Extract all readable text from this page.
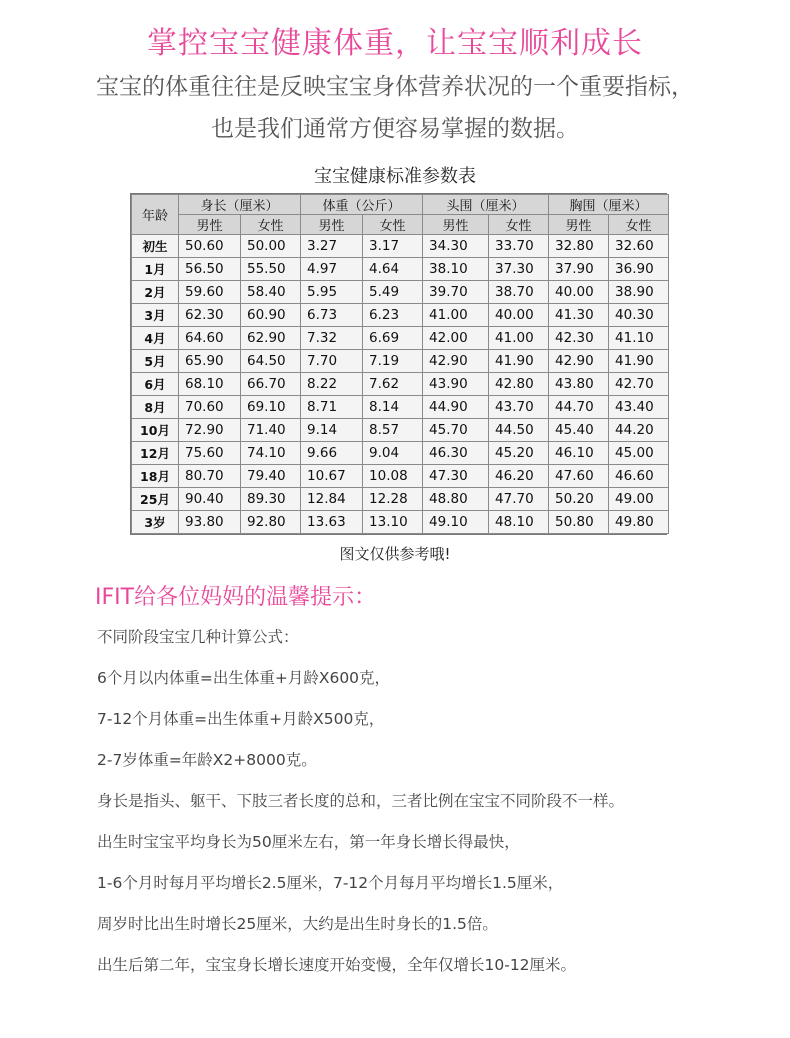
掌控宝宝健康体重，让宝宝顺利成长
宝宝的体重往往是反映宝宝身体营养状况的一个重要指标，
也是我们通常方便容易掌握的数据。
宝宝健康标准参数表
年龄	身长（厘米）		体重（公斤）		头围（厘米）		胸围（厘米）	
	男性	女性	男性	女性	男性	女性	男性	女性
初生	50.60	50.00	3.27	3.17	34.30	33.70	32.80	32.60
1月	56.50	55.50	4.97	4.64	38.10	37.30	37.90	36.90
2月	59.60	58.40	5.95	5.49	39.70	38.70	40.00	38.90
3月	62.30	60.90	6.73	6.23	41.00	40.00	41.30	40.30
4月	64.60	62.90	7.32	6.69	42.00	41.00	42.30	41.10
5月	65.90	64.50	7.70	7.19	42.90	41.90	42.90	41.90
6月	68.10	66.70	8.22	7.62	43.90	42.80	43.80	42.70
8月	70.60	69.10	8.71	8.14	44.90	43.70	44.70	43.40
10月	72.90	71.40	9.14	8.57	45.70	44.50	45.40	44.20
12月	75.60	74.10	9.66	9.04	46.30	45.20	46.10	45.00
18月	80.70	79.40	10.67	10.08	47.30	46.20	47.60	46.60
25月	90.40	89.30	12.84	12.28	48.80	47.70	50.20	49.00
3岁	93.80	92.80	13.63	13.10	49.10	48.10	50.80	49.80
图文仅供参考哦!
IFIT给各位妈妈的温馨提示：

不同阶段宝宝几种计算公式：

6个月以内体重=出生体重+月龄X600克，

7-12个月体重=出生体重+月龄X500克，

2-7岁体重=年龄X2+8000克。

身长是指头、躯干、下肢三者长度的总和，三者比例在宝宝不同阶段不一样。

出生时宝宝平均身长为50厘米左右，第一年身长增长得最快，

1-6个月时每月平均增长2.5厘米，7-12个月每月平均增长1.5厘米，

周岁时比出生时增长25厘米，大约是出生时身长的1.5倍。

出生后第二年，宝宝身长增长速度开始变慢，全年仅增长10-12厘米。
